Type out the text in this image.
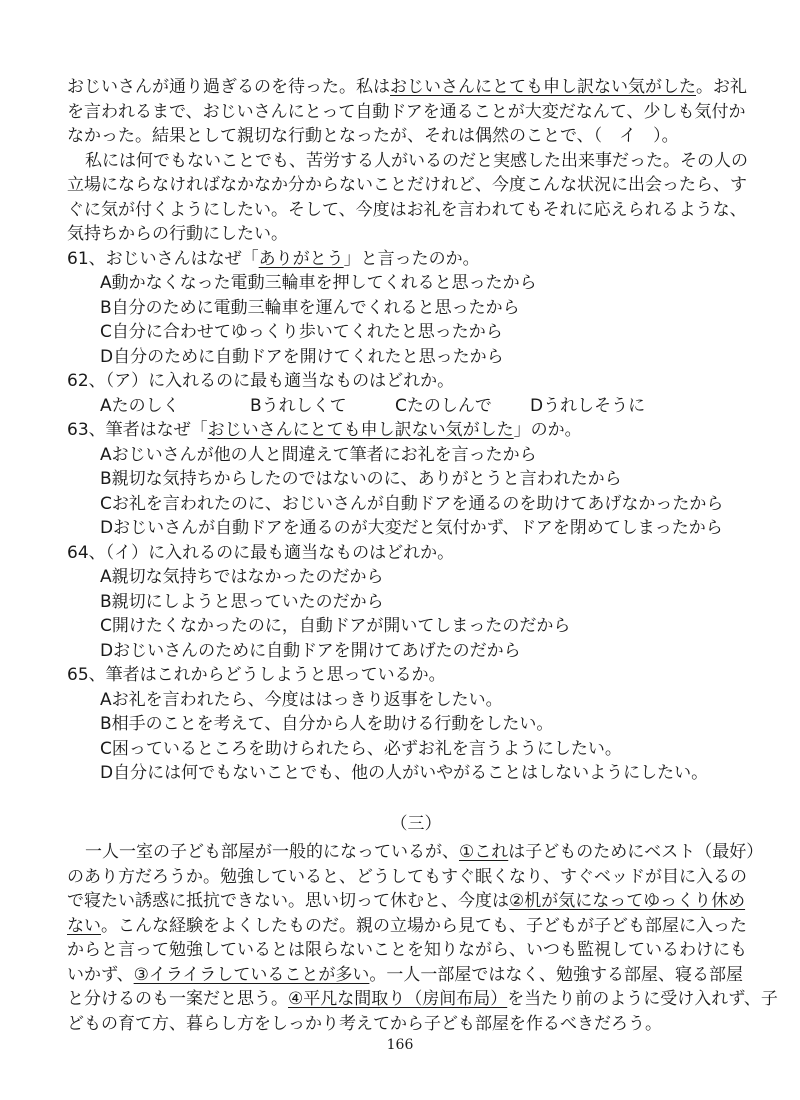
おじいさんが通り過ぎるのを待った。私はおじいさんにとても申し訳ない気がした。お礼
を言われるまで、おじいさんにとって自動ドアを通ることが大変だなんて、少しも気付か
なかった。結果として親切な行動となったが、それは偶然のことで、（　イ　）。
私には何でもないことでも、苦労する人がいるのだと実感した出来事だった。その人の
立場にならなければなかなか分からないことだけれど、今度こんな状況に出会ったら、す
ぐに気が付くようにしたい。そして、今度はお礼を言われてもそれに応えられるような、
気持ちからの行動にしたい。
61、おじいさんはなぜ「ありがとう」と言ったのか。
A動かなくなった電動三輪車を押してくれると思ったから
B自分のために電動三輪車を運んでくれると思ったから
C自分に合わせてゆっくり歩いてくれたと思ったから
D自分のために自動ドアを開けてくれたと思ったから
62、（ア）に入れるのに最も適当なものはどれか。
Aたのしく	Bうれしくて	Cたのしんで	Dうれしそうに
63、筆者はなぜ「おじいさんにとても申し訳ない気がした」のか。
Aおじいさんが他の人と間違えて筆者にお礼を言ったから
B親切な気持ちからしたのではないのに、ありがとうと言われたから
Cお礼を言われたのに、おじいさんが自動ドアを通るのを助けてあげなかったから
Dおじいさんが自動ドアを通るのが大変だと気付かず、ドアを閉めてしまったから
64、（イ）に入れるのに最も適当なものはどれか。
A親切な気持ちではなかったのだから
B親切にしようと思っていたのだから
C開けたくなかったのに，自動ドアが開いてしまったのだから
Dおじいさんのために自動ドアを開けてあげたのだから
65、筆者はこれからどうしようと思っているか。
Aお礼を言われたら、今度ははっきり返事をしたい。
B相手のことを考えて、自分から人を助ける行動をしたい。
C困っているところを助けられたら、必ずお礼を言うようにしたい。
D自分には何でもないことでも、他の人がいやがることはしないようにしたい。
（三）
一人一室の子ども部屋が一般的になっているが、①これは子どものためにベスト（最好）
のあり方だろうか。勉強していると、どうしてもすぐ眠くなり、すぐベッドが目に入るの
で寝たい誘惑に抵抗できない。思い切って休むと、今度は②机が気になってゆっくり休め
ない。こんな経験をよくしたものだ。親の立場から見ても、子どもが子ども部屋に入った
からと言って勉強しているとは限らないことを知りながら、いつも監視しているわけにも
いかず、③イライラしていることが多い。一人一部屋ではなく、勉強する部屋、寝る部屋
と分けるのも一案だと思う。④平凡な間取り（房间布局）を当たり前のように受け入れず、子
どもの育て方、暮らし方をしっかり考えてから子ども部屋を作るべきだろう。
166
